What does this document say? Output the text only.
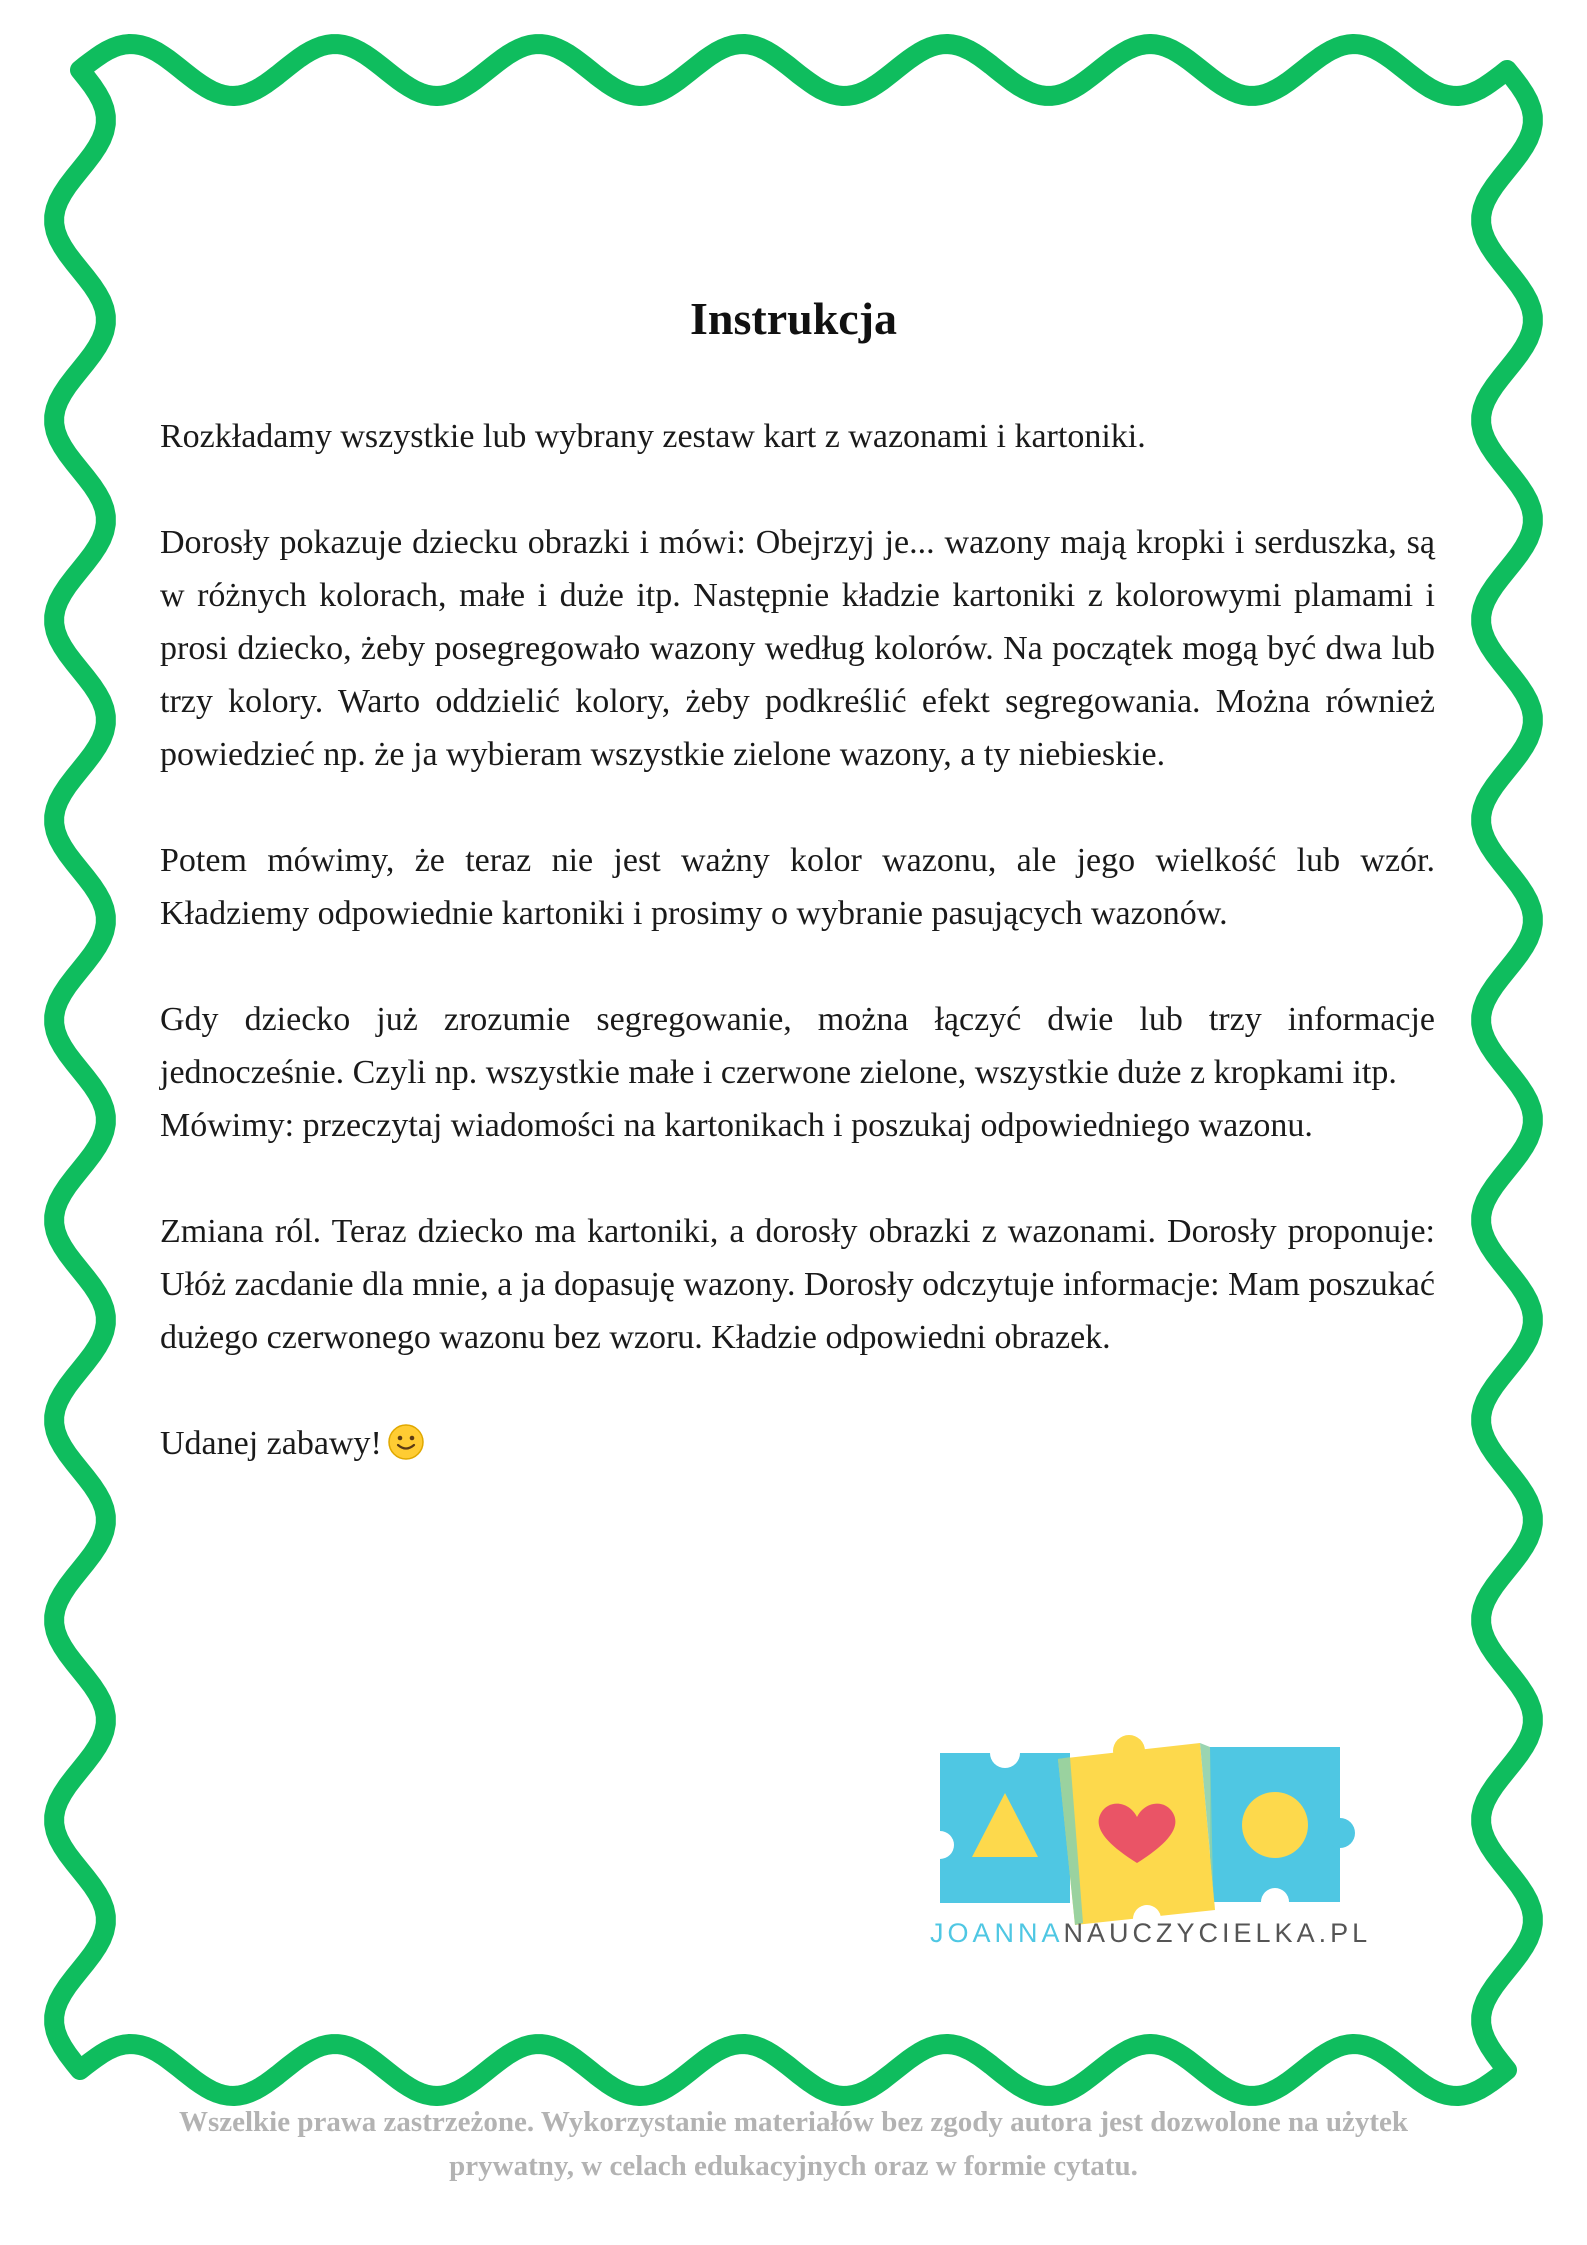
Instrukcja

Rozkładamy wszystkie lub wybrany zestaw kart z wazonami i kartoniki.

Dorosły pokazuje dziecku obrazki i mówi: Obejrzyj je... wazony mają kropki i serduszka, są w różnych kolorach, małe i duże itp. Następnie kładzie kartoniki z kolorowymi plamami i prosi dziecko, żeby posegregowało wazony według kolorów. Na początek mogą być dwa lub trzy kolory. Warto oddzielić kolory, żeby podkreślić efekt segregowania. Można również powiedzieć np. że ja wybieram wszystkie zielone wazony, a ty niebieskie.

Potem mówimy, że teraz nie jest ważny kolor wazonu, ale jego wielkość lub wzór. Kładziemy odpowiednie kartoniki i prosimy o wybranie pasujących wazonów.

Gdy dziecko już zrozumie segregowanie, można łączyć dwie lub trzy informacje jednocześnie. Czyli np. wszystkie małe i czerwone zielone, wszystkie duże z kropkami itp.

Mówimy: przeczytaj wiadomości na kartonikach i poszukaj odpowiedniego wazonu.

Zmiana ról. Teraz dziecko ma kartoniki, a dorosły obrazki z wazonami. Dorosły proponuje: Ułóż zacdanie dla mnie, a ja dopasuję wazony. Dorosły odczytuje informacje: Mam poszukać dużego czerwonego wazonu bez wzoru. Kładzie odpowiedni obrazek.

Udanej zabawy!

JOANNANAUCZYCIELKA.PL
Wszelkie prawa zastrzeżone. Wykorzystanie materiałów bez zgody autora jest dozwolone na użytek
prywatny, w celach edukacyjnych oraz w formie cytatu.
